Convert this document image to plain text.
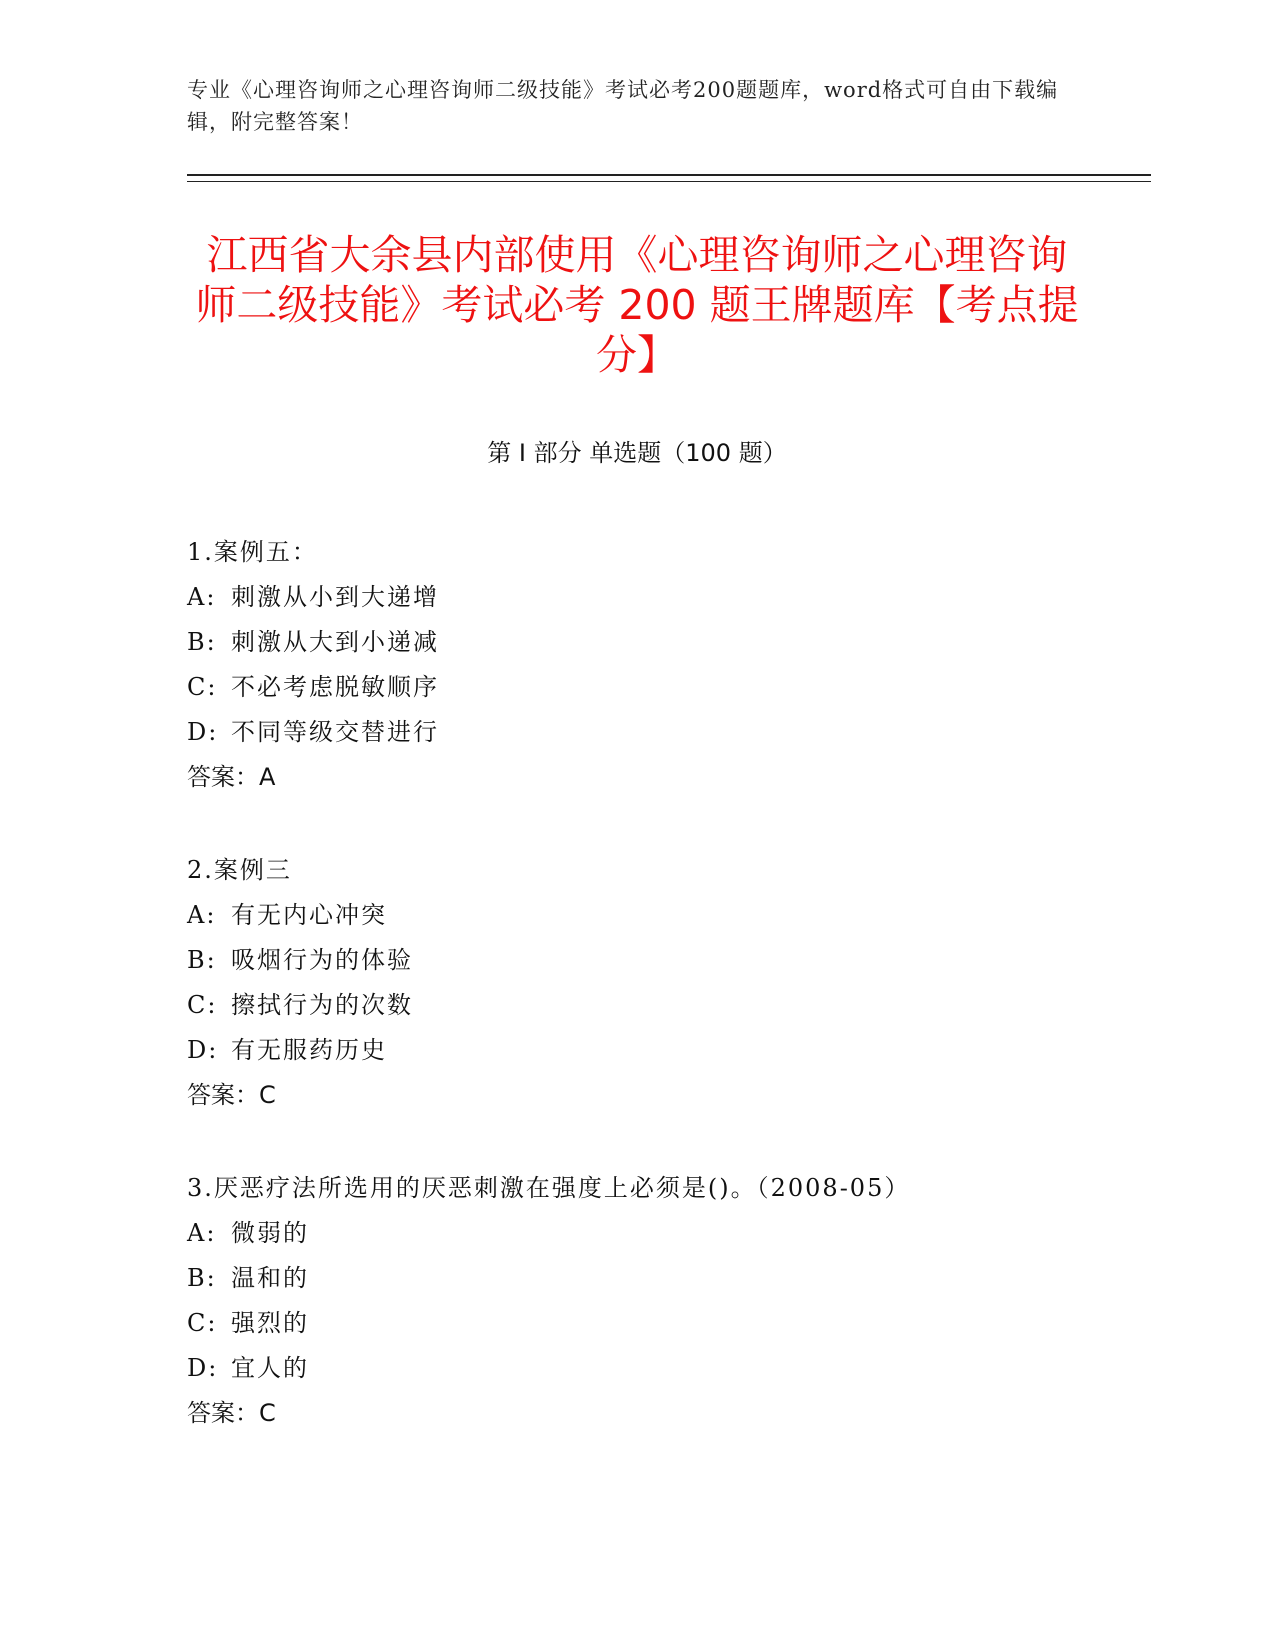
专业《心理咨询师之心理咨询师二级技能》考试必考200题题库，word格式可自由下载编辑，附完整答案！
江西省大余县内部使用《心理咨询师之心理咨询师二级技能》考试必考 200 题王牌题库【考点提分】
第 I 部分 单选题（100 题）
1.案例五：
A: 刺激从小到大递增
B: 刺激从大到小递减
C: 不必考虑脱敏顺序
D: 不同等级交替进行
答案：A
2.案例三
A: 有无内心冲突
B: 吸烟行为的体验
C: 擦拭行为的次数
D: 有无服药历史
答案：C
3.厌恶疗法所选用的厌恶刺激在强度上必须是()。（2008-05）
A: 微弱的
B: 温和的
C: 强烈的
D: 宜人的
答案：C
